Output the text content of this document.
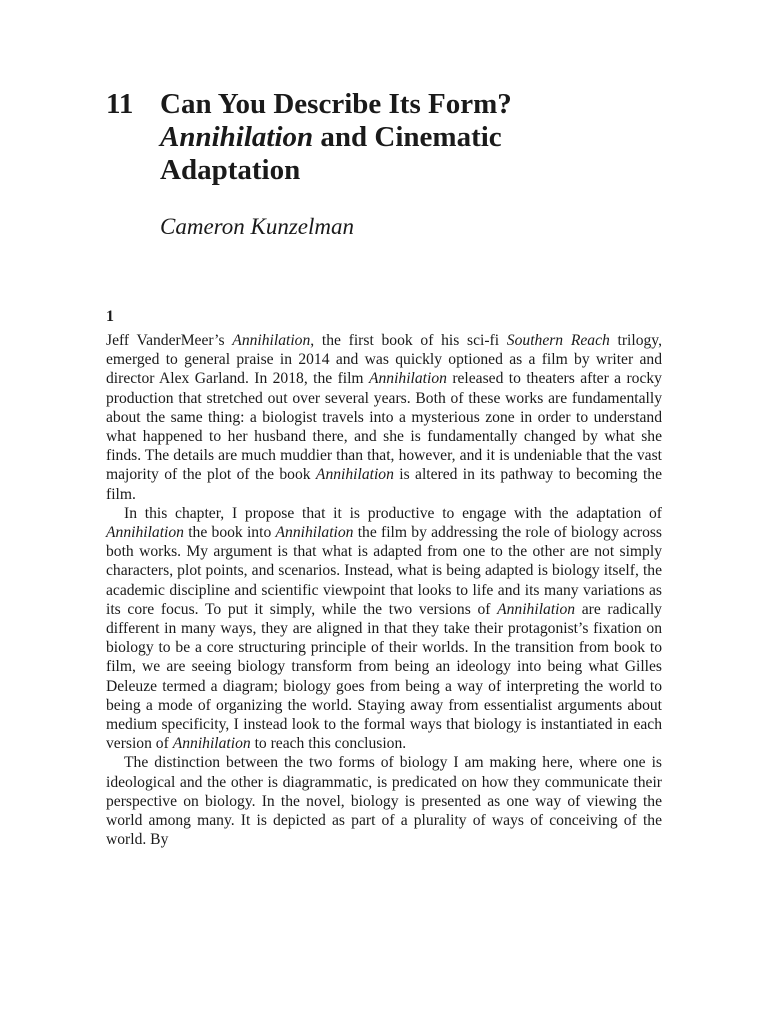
11 Can You Describe Its Form?
Annihilation and Cinematic
Adaptation
Cameron Kunzelman
1

Jeff VanderMeer’s Annihilation, the first book of his sci-fi Southern Reach trilogy, emerged to general praise in 2014 and was quickly optioned as a film by writer and director Alex Garland. In 2018, the film Annihilation released to theaters after a rocky production that stretched out over several years. Both of these works are fundamentally about the same thing: a biologist travels into a mysterious zone in order to understand what happened to her husband there, and she is fundamentally changed by what she finds. The details are much muddier than that, however, and it is undeniable that the vast majority of the plot of the book Annihilation is altered in its pathway to becoming the film.

In this chapter, I propose that it is productive to engage with the adaptation of Annihilation the book into Annihilation the film by addressing the role of biology across both works. My argument is that what is adapted from one to the other are not simply characters, plot points, and scenarios. Instead, what is being adapted is biology itself, the academic discipline and scientific viewpoint that looks to life and its many variations as its core focus. To put it simply, while the two versions of Annihilation are radically different in many ways, they are aligned in that they take their protagonist’s fixation on biology to be a core structuring principle of their worlds. In the transition from book to film, we are seeing biology transform from being an ideology into being what Gilles Deleuze termed a diagram; biology goes from being a way of interpreting the world to being a mode of organizing the world. Staying away from essentialist arguments about medium specificity, I instead look to the formal ways that biology is instantiated in each version of Annihilation to reach this conclusion.

The distinction between the two forms of biology I am making here, where one is ideological and the other is diagrammatic, is predicated on how they communicate their perspective on biology. In the novel, biology is presented as one way of viewing the world among many. It is depicted as part of a plurality of ways of conceiving of the world. By
